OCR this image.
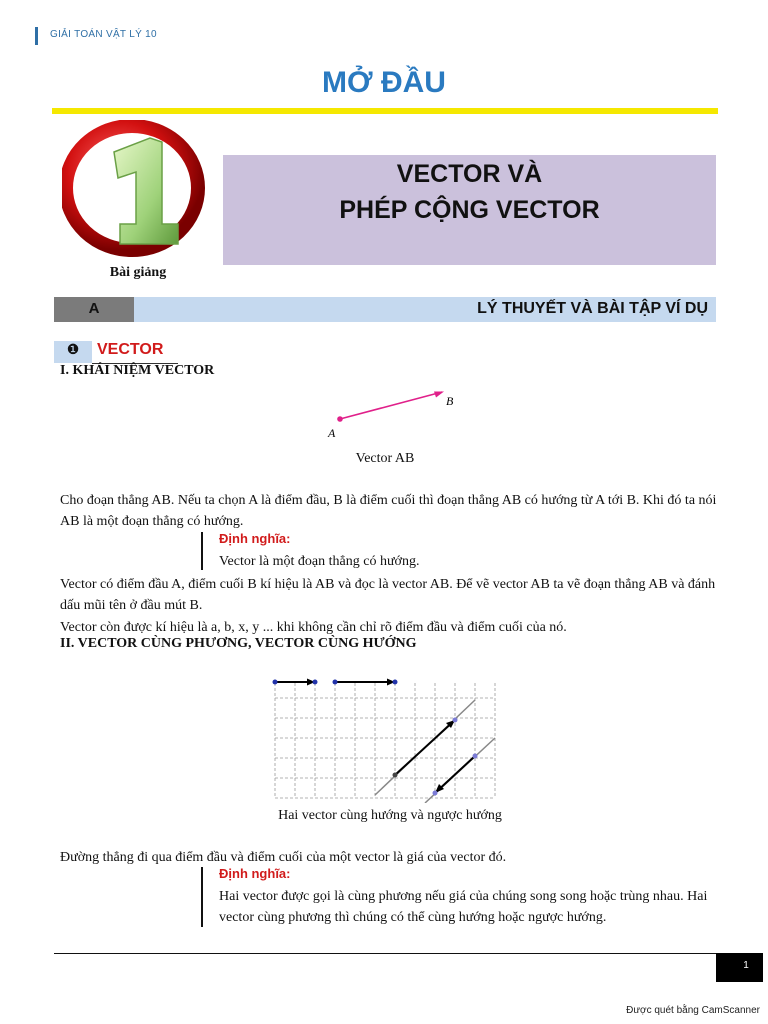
GIẢI TOÁN VẬT LÝ 10
MỞ ĐẦU
Bài giảng
VECTOR VÀ
PHÉP CỘNG VECTOR
A	LÝ THUYẾT VÀ BÀI TẬP VÍ DỤ
❶	VECTOR
I. KHÁI NIỆM VECTOR
A
B
Vector AB
Cho đoạn thẳng AB. Nếu ta chọn A là điểm đầu, B là điểm cuối thì đoạn thẳng AB có hướng từ A tới B. Khi đó ta nói AB là một đoạn thẳng có hướng.
Định nghĩa:
Vector là một đoạn thẳng có hướng.
Vector có điểm đầu A, điểm cuối B kí hiệu là AB và đọc là vector AB. Để vẽ vector AB ta vẽ đoạn thẳng AB và đánh dấu mũi tên ở đầu mút B.
Vector còn được kí hiệu là a, b, x, y ... khi không cần chỉ rõ điểm đầu và điểm cuối của nó.
II. VECTOR CÙNG PHƯƠNG, VECTOR CÙNG HƯỚNG
Hai vector cùng hướng và ngược hướng
Đường thẳng đi qua điểm đầu và điểm cuối của một vector là giá của vector đó.
Định nghĩa:
Hai vector được gọi là cùng phương nếu giá của chúng song song hoặc trùng nhau. Hai vector cùng phương thì chúng có thể cùng hướng hoặc ngược hướng.
1
Được quét bằng CamScanner
